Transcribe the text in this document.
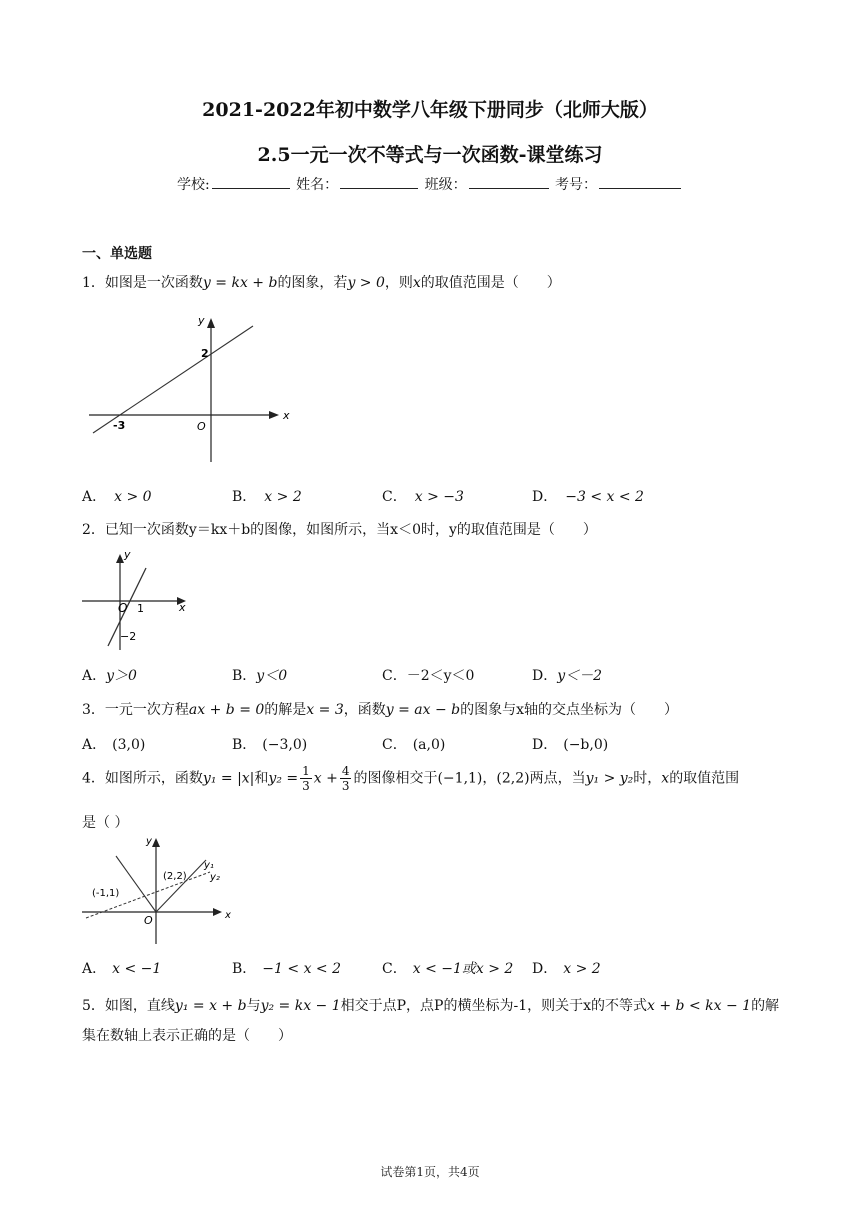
2021-2022年初中数学八年级下册同步（北师大版）
2.5一元一次不等式与一次函数-课堂练习
学校:	姓名：	班级：	考号：
一、单选题
1．如图是一次函数y = kx + b的图象，若y > 0，则x的取值范围是（　　）
x
y
O
-3
2
A． x > 0	B． x > 2	C． x > −3	D． −3 < x < 2
2．已知一次函数y＝kx＋b的图像，如图所示，当x＜0时，y的取值范围是（　　）
x
y
O 1
−2
A．y＞0	B．y＜0	C．－2＜y＜0	D．y＜－2
3．一元一次方程ax + b = 0的解是x = 3，函数y = ax − b的图象与x轴的交点坐标为（　　）
A． (3,0)	B． (−3,0)	C． (a,0)	D． (−b,0)
4．如图所示，函数y₁ = |x|和$y_2 = \frac{1}{3}$ $x + \frac{4}{3}$ 的图像相交于(−1,1)，(2,2)两点，当y₁ > y₂时，x的取值范围
是（ ）
x
y
O
(-1,1)
(2,2)
y₁
y₂
A． x < −1	B． −1 < x < 2	C． x < −1或x > 2 D． x > 2
5．如图，直线y₁ = x + b与y₂ = kx − 1相交于点P，点P的横坐标为-1，则关于x的不等式x + b < kx − 1的解
集在数轴上表示正确的是（　　）
试卷第1页，共4页
